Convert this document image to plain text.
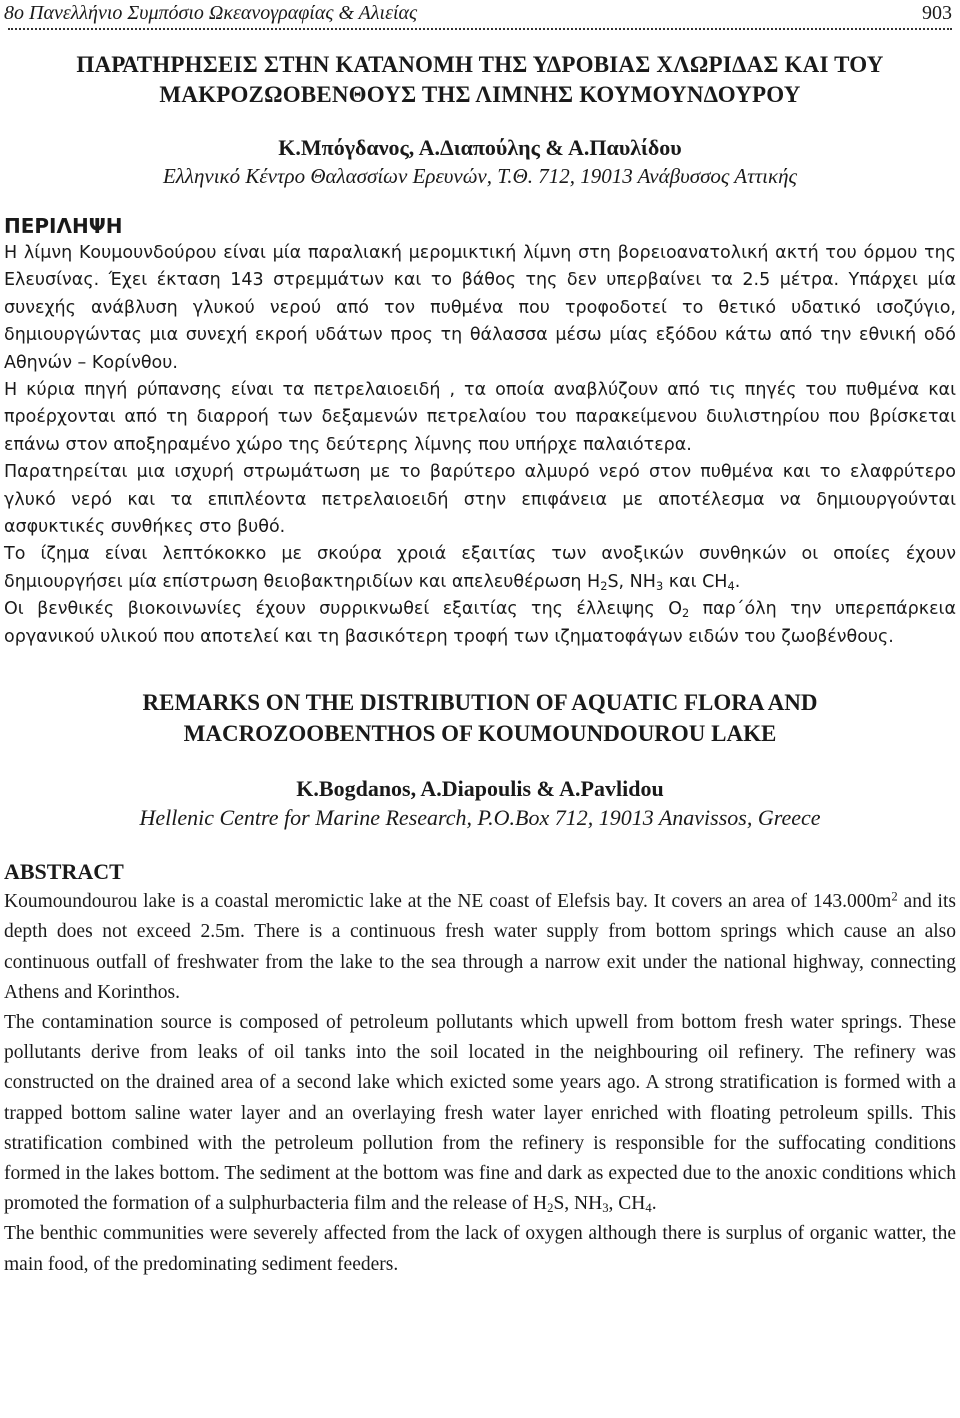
8ο Πανελλήνιο Συμπόσιο Ωκεανογραφίας & Αλιείας	903
ΠΑΡΑΤΗΡΗΣΕΙΣ ΣΤΗΝ ΚΑΤΑΝΟΜΗ ΤΗΣ ΥΔΡΟΒΙΑΣ ΧΛΩΡΙΔΑΣ ΚΑΙ ΤΟΥ
ΜΑΚΡΟΖΩΟΒΕΝΘΟΥΣ ΤΗΣ ΛΙΜΝΗΣ ΚΟΥΜΟΥΝΔΟΥΡΟΥ
Κ.Μπόγδανος, Α.Διαπούλης & Α.Παυλίδου
Ελληνικό Κέντρο Θαλασσίων Ερευνών, Τ.Θ. 712, 19013 Ανάβυσσος Αττικής
ΠΕΡΙΛΗΨΗ

Η λίμνη Κουμουνδούρου είναι μία παραλιακή μερομικτική λίμνη στη βορειοανατολική ακτή του όρμου της Ελευσίνας. Έχει έκταση 143 στρεμμάτων και το βάθος της δεν υπερβαίνει τα 2.5 μέτρα. Υπάρχει μία συνεχής ανάβλυση γλυκού νερού από τον πυθμένα που τροφοδοτεί το θετικό υδατικό ισοζύγιο, δημιουργώντας μια συνεχή εκροή υδάτων προς τη θάλασσα μέσω μίας εξόδου κάτω από την εθνική οδό Αθηνών – Κορίνθου.

Η κύρια πηγή ρύπανσης είναι τα πετρελαιοειδή , τα οποία αναβλύζουν από τις πηγές του πυθμένα και προέρχονται από τη διαρροή των δεξαμενών πετρελαίου του παρακείμενου διυλιστηρίου που βρίσκεται επάνω στον αποξηραμένο χώρο της δεύτερης λίμνης που υπήρχε παλαιότερα.

Παρατηρείται μια ισχυρή στρωμάτωση με το βαρύτερο αλμυρό νερό στον πυθμένα και το ελαφρύτερο γλυκό νερό και τα επιπλέοντα πετρελαιοειδή στην επιφάνεια με αποτέλεσμα να δημιουργούνται ασφυκτικές συνθήκες στο βυθό.

Το ίζημα είναι λεπτόκοκκο με σκούρα χροιά εξαιτίας των ανοξικών συνθηκών οι οποίες έχουν δημιουργήσει μία επίστρωση θειοβακτηριδίων και απελευθέρωση $H_2S$, $NH_3$ και $CH_4$.

Οι βενθικές βιοκοινωνίες έχουν συρρικνωθεί εξαιτίας της έλλειψης $O_2$ παρ΄όλη την υπερεπάρκεια οργανικού υλικού που αποτελεί και τη βασικότερη τροφή των ιζηματοφάγων ειδών του ζωοβένθους.

REMARKS ON THE DISTRIBUTION OF AQUATIC FLORA AND
MACROZOOBENTHOS OF KOUMOUNDOUROU LAKE
K.Bogdanos, A.Diapoulis & A.Pavlidou
Hellenic Centre for Marine Research, P.O.Box 712, 19013 Anavissos, Greece
ABSTRACT

Koumoundourou lake is a coastal meromictic lake at the NE coast of Elefsis bay. It covers an area of $143.000m^2$ and its depth does not exceed 2.5m. There is a continuous fresh water supply from bottom springs which cause an also continuous outfall of freshwater from the lake to the sea through a narrow exit under the national highway, connecting Athens and Korinthos.

The contamination source is composed of petroleum pollutants which upwell from bottom fresh water springs. These pollutants derive from leaks of oil tanks into the soil located in the neighbouring oil refinery. The refinery was constructed on the drained area of a second lake which exicted some years ago. A strong stratification is formed with a trapped bottom saline water layer and an overlaying fresh water layer enriched with floating petroleum spills. This stratification combined with the petroleum pollution from the refinery is responsible for the suffocating conditions formed in the lakes bottom. The sediment at the bottom was fine and dark as expected due to the anoxic conditions which promoted the formation of a sulphurbacteria film and the release of $H_2S$, $NH_3$, $CH_4$.

The benthic communities were severely affected from the lack of oxygen although there is surplus of organic watter, the main food, of the predominating sediment feeders.
